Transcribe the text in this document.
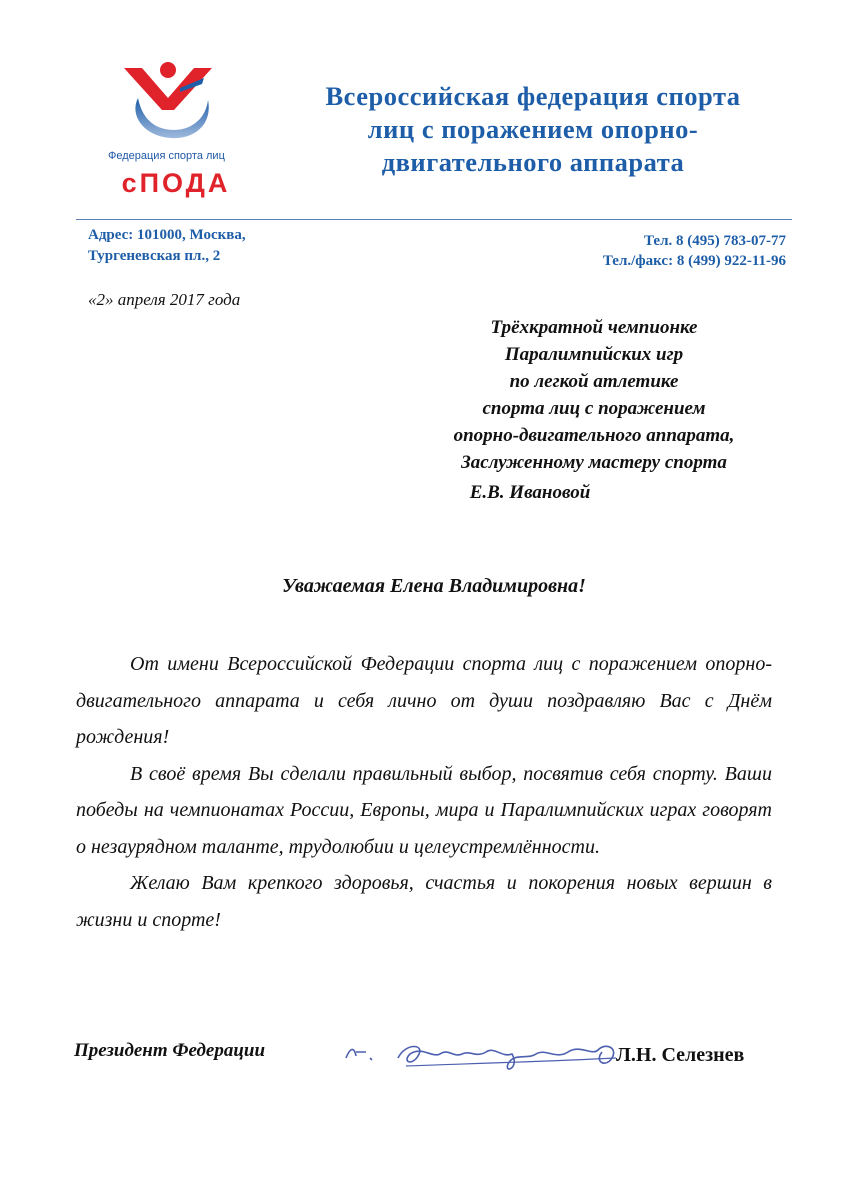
Федерация спорта лиц
сПОДА
Всероссийская федерация спорта
лиц с поражением опорно-
двигательного аппарата
Адрес: 101000, Москва,
Тургеневская пл., 2
Тел. 8 (495) 783-07-77
Тел./факс: 8 (499) 922-11-96
«2» апреля 2017 года
Трёхкратной чемпионке
Паралимпийских игр
по легкой атлетике
спорта лиц с поражением
опорно-двигательного аппарата,
Заслуженному мастеру спорта
Е.В. Ивановой
Уважаемая Елена Владимировна!

От имени Всероссийской Федерации спорта лиц с поражением опорно-двигательного аппарата и себя лично от души поздравляю Вас с Днём рождения!

В своё время Вы сделали правильный выбор, посвятив себя спорту. Ваши победы на чемпионатах России, Европы, мира и Паралимпийских играх говорят о незаурядном таланте, трудолюбии и целеустремлённости.

Желаю Вам крепкого здоровья, счастья и покорения новых вершин в жизни и спорте!

Президент Федерации	Л.Н. Селезнев
